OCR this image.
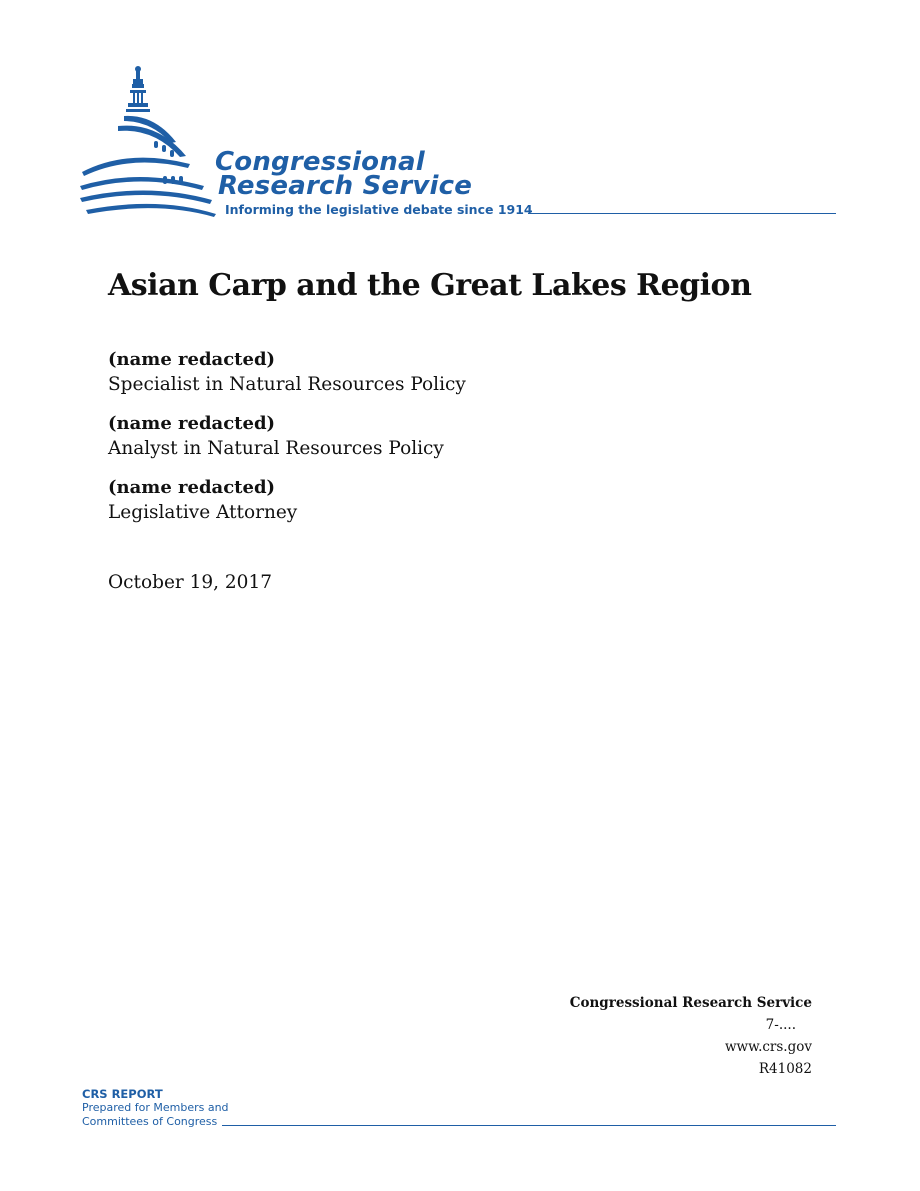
Congressional
Research Service
Informing the legislative debate since 1914
Asian Carp and the Great Lakes Region
(name redacted)
Specialist in Natural Resources Policy
(name redacted)
Analyst in Natural Resources Policy
(name redacted)
Legislative Attorney
October 19, 2017
Congressional Research Service
7-....
www.crs.gov
R41082
CRS REPORT
Prepared for Members and
Committees of Congress
